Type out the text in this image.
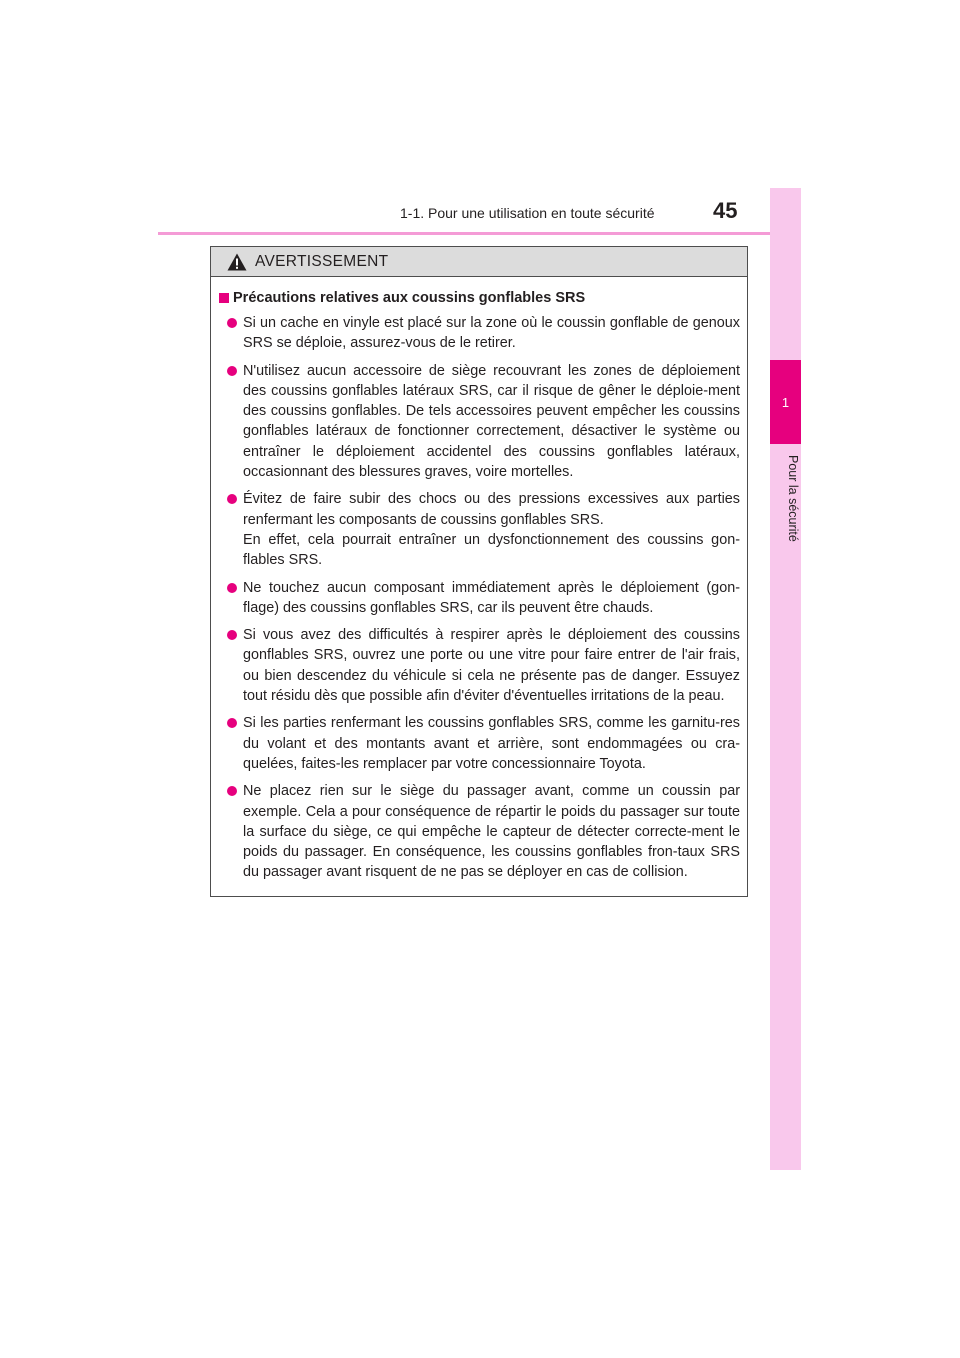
1-1. Pour une utilisation en toute sécurité	45
1
Pour la sécurité
AVERTISSEMENT
Précautions relatives aux coussins gonflables SRS
Si un cache en vinyle est placé sur la zone où le coussin gonflable de genoux SRS se déploie, assurez-vous de le retirer.
N'utilisez aucun accessoire de siège recouvrant les zones de déploiement des coussins gonflables latéraux SRS, car il risque de gêner le déploie-ment des coussins gonflables. De tels accessoires peuvent empêcher les coussins gonflables latéraux de fonctionner correctement, désactiver le système ou entraîner le déploiement accidentel des coussins gonflables latéraux, occasionnant des blessures graves, voire mortelles.
Évitez de faire subir des chocs ou des pressions excessives aux parties renfermant les composants de coussins gonflables SRS.
En effet, cela pourrait entraîner un dysfonctionnement des coussins gon-flables SRS.
Ne touchez aucun composant immédiatement après le déploiement (gon-flage) des coussins gonflables SRS, car ils peuvent être chauds.
Si vous avez des difficultés à respirer après le déploiement des coussins gonflables SRS, ouvrez une porte ou une vitre pour faire entrer de l'air frais, ou bien descendez du véhicule si cela ne présente pas de danger. Essuyez tout résidu dès que possible afin d'éviter d'éventuelles irritations de la peau.
Si les parties renfermant les coussins gonflables SRS, comme les garnitu-res du volant et des montants avant et arrière, sont endommagées ou cra-quelées, faites-les remplacer par votre concessionnaire Toyota.
Ne placez rien sur le siège du passager avant, comme un coussin par exemple. Cela a pour conséquence de répartir le poids du passager sur toute la surface du siège, ce qui empêche le capteur de détecter correcte-ment le poids du passager. En conséquence, les coussins gonflables fron-taux SRS du passager avant risquent de ne pas se déployer en cas de collision.
